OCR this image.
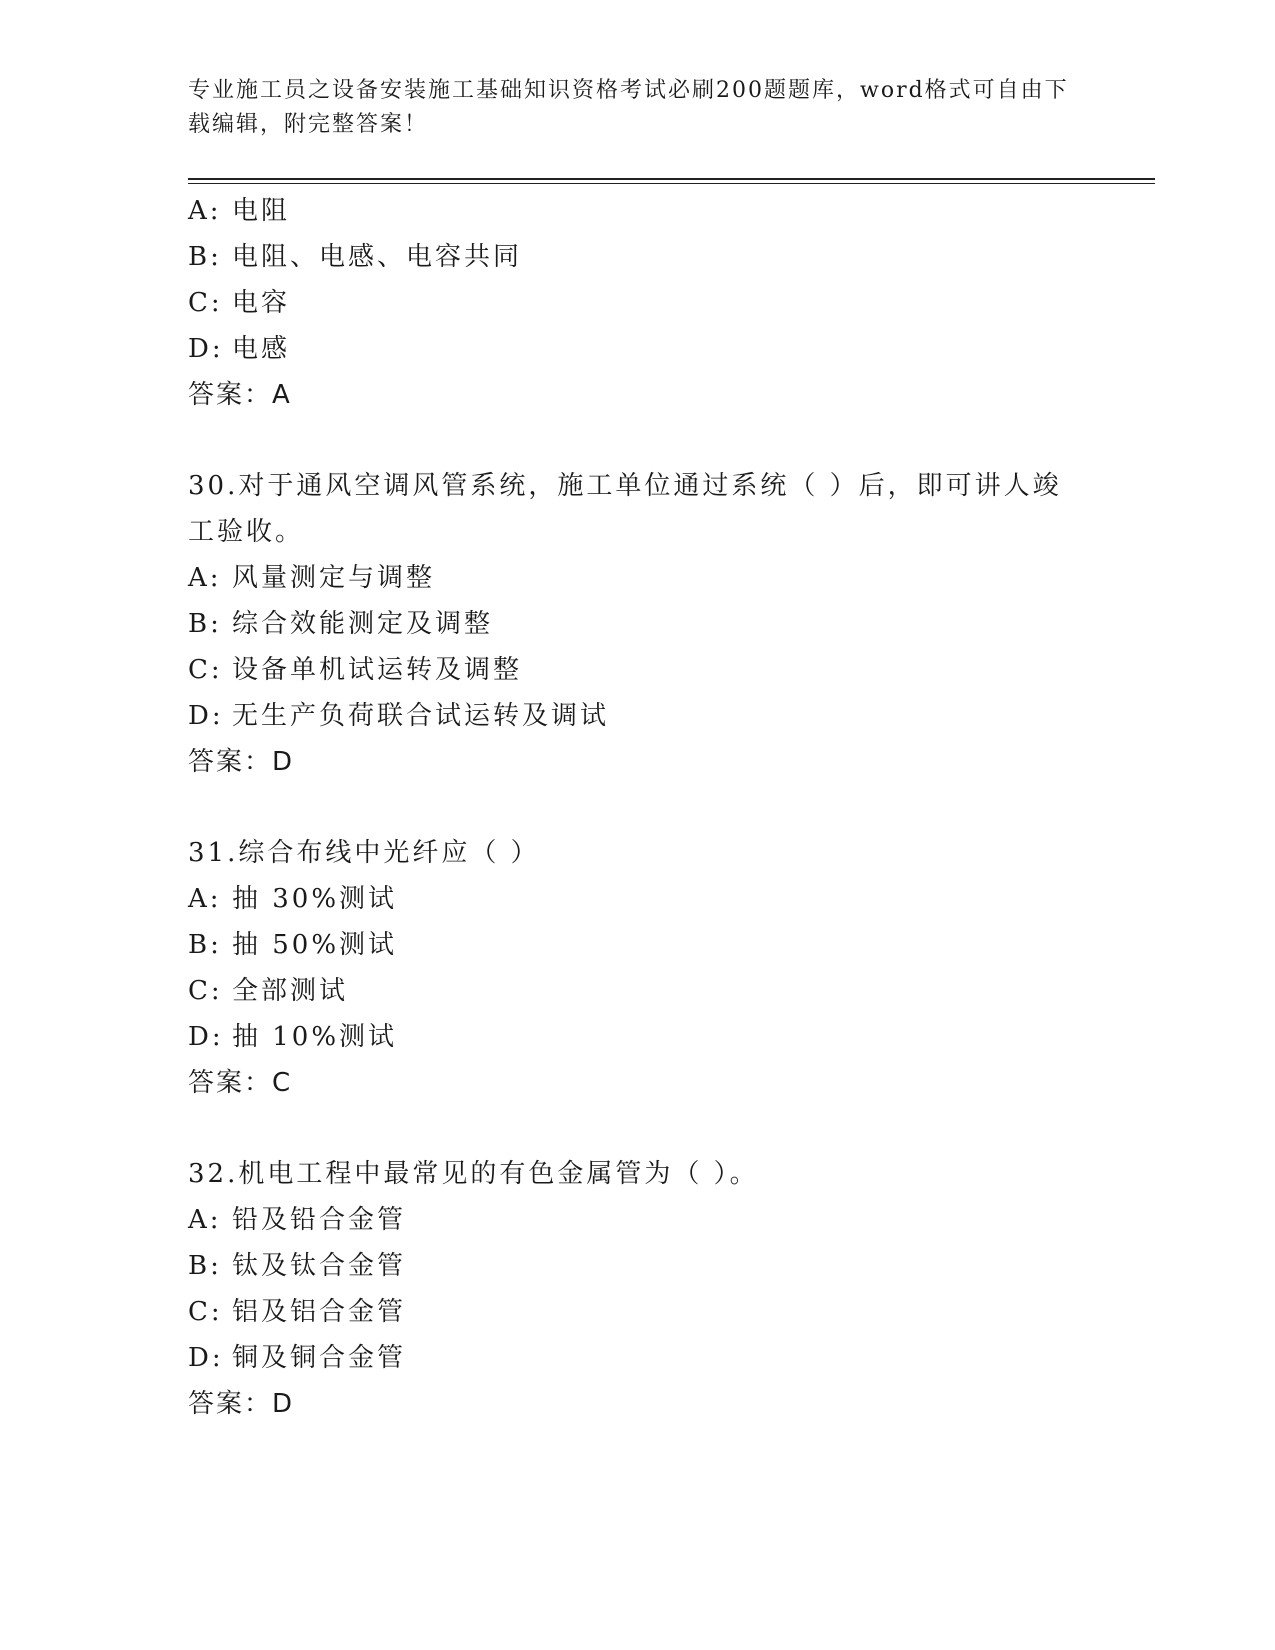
专业施工员之设备安装施工基础知识资格考试必刷200题题库，word格式可自由下载编辑，附完整答案！
A: 电阻
B: 电阻、电感、电容共同
C: 电容
D: 电感
答案：A
30.对于通风空调风管系统，施工单位通过系统（ ）后，即可讲人竣工验收。
A: 风量测定与调整
B: 综合效能测定及调整
C: 设备单机试运转及调整
D: 无生产负荷联合试运转及调试
答案：D
31.综合布线中光纤应（ ）
A: 抽 30%测试
B: 抽 50%测试
C: 全部测试
D: 抽 10%测试
答案：C
32.机电工程中最常见的有色金属管为（ ）。
A: 铅及铅合金管
B: 钛及钛合金管
C: 铝及铝合金管
D: 铜及铜合金管
答案：D
